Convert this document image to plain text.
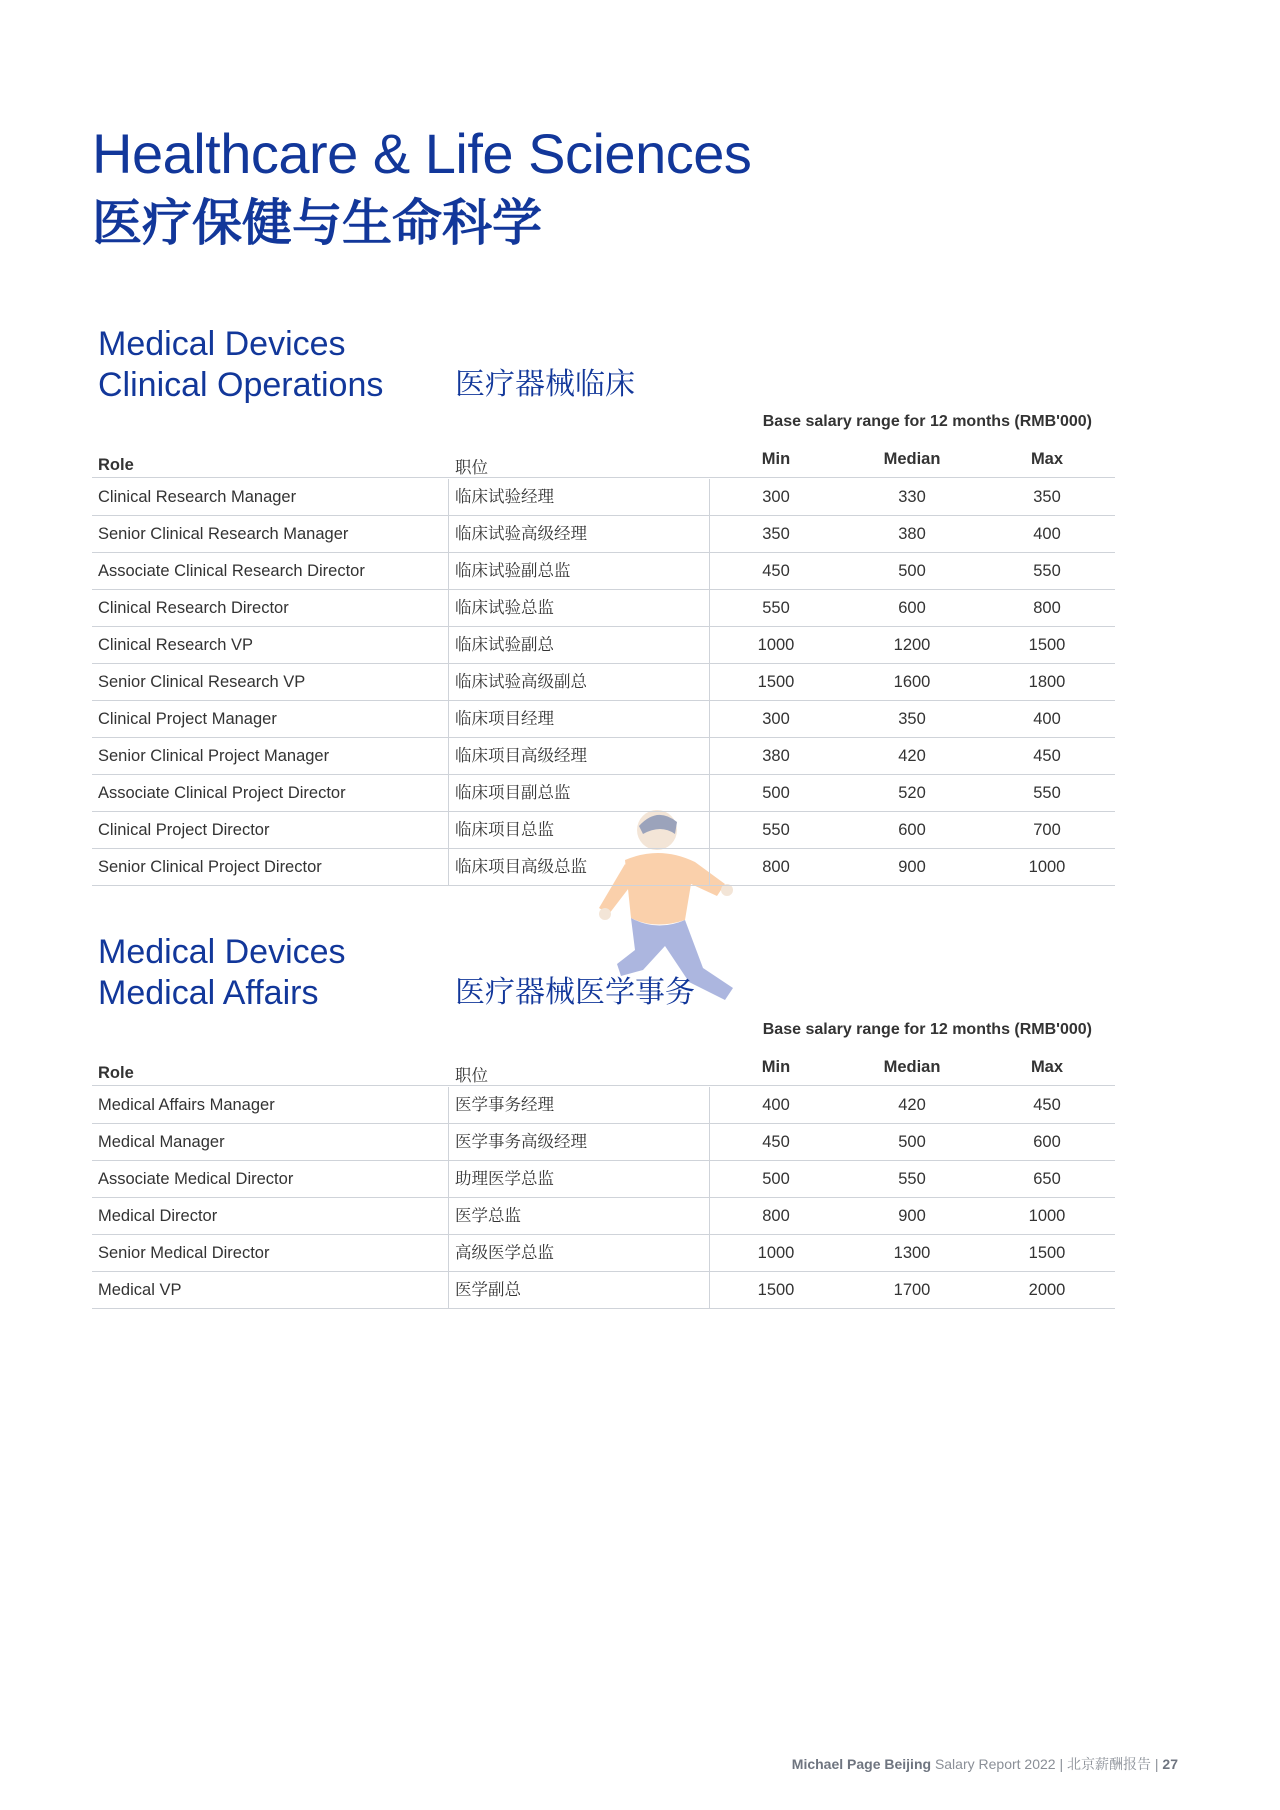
Healthcare & Life Sciences
医疗保健与生命科学
Medical Devices
Clinical Operations 医疗器械临床
Base salary range for 12 months (RMB'000)
Role	职位	Min	Median	Max
Clinical Research Manager	临床试验经理	300	330	350
Senior Clinical Research Manager	临床试验高级经理	350	380	400
Associate Clinical Research Director	临床试验副总监	450	500	550
Clinical Research Director	临床试验总监	550	600	800
Clinical Research VP	临床试验副总	1000	1200	1500
Senior Clinical Research VP	临床试验高级副总	1500	1600	1800
Clinical Project Manager	临床项目经理	300	350	400
Senior Clinical Project Manager	临床项目高级经理	380	420	450
Associate Clinical Project Director	临床项目副总监	500	520	550
Clinical Project Director	临床项目总监	550	600	700
Senior Clinical Project Director	临床项目高级总监	800	900	1000
Medical Devices
Medical Affairs	医疗器械医学事务
Base salary range for 12 months (RMB'000)
Role	职位	Min	Median	Max
Medical Affairs Manager	医学事务经理	400	420	450
Medical Manager	医学事务高级经理	450	500	600
Associate Medical Director	助理医学总监	500	550	650
Medical Director	医学总监	800	900	1000
Senior Medical Director	高级医学总监	1000	1300	1500
Medical VP	医学副总	1500	1700	2000
Michael Page Beijing Salary Report 2022 | 北京薪酬报告 | 27
